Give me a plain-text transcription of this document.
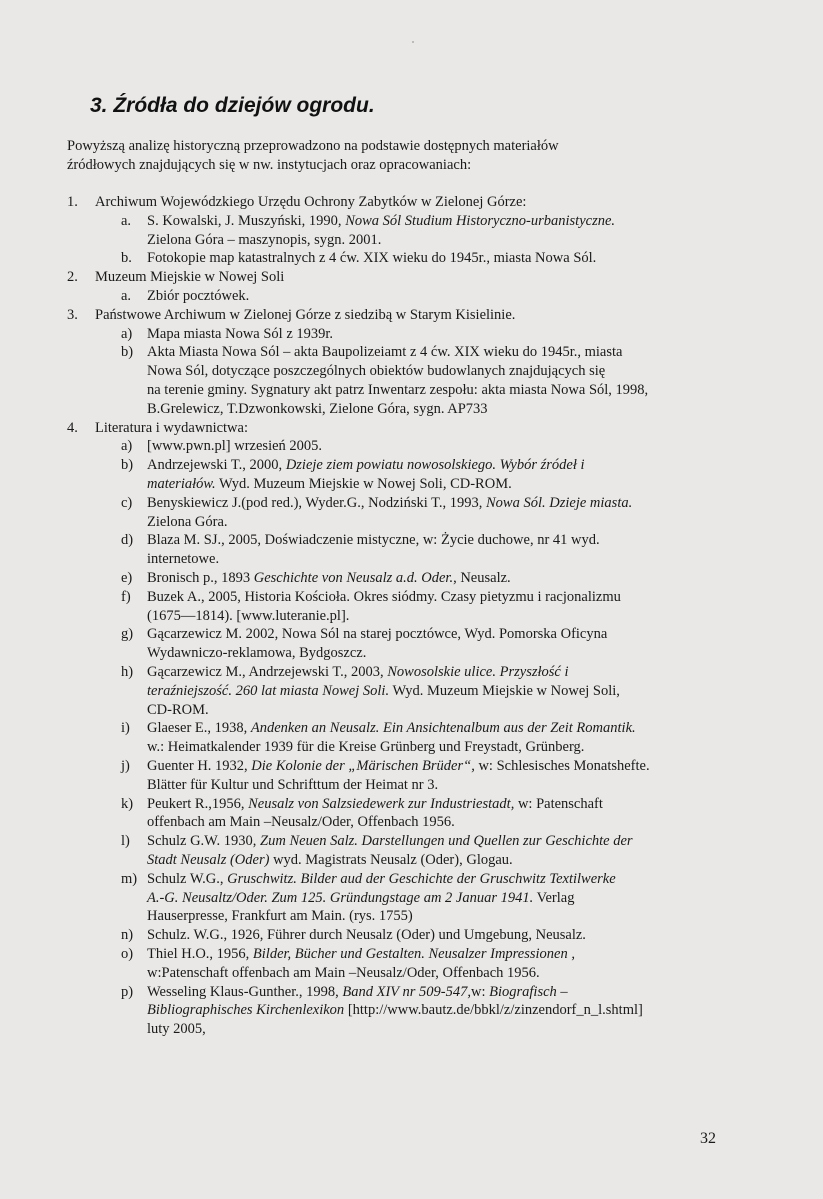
3. Źródła do dziejów ogrodu.

Powyższą analizę historyczną przeprowadzono na podstawie dostępnych materiałów
źródłowych znajdujących się w nw. instytucjach oraz opracowaniach:

1. Archiwum Wojewódzkiego Urzędu Ochrony Zabytków w Zielonej Górze:
a. S. Kowalski, J. Muszyński, 1990, Nowa Sól Studium Historyczno-urbanistyczne.
Zielona Góra – maszynopis, sygn. 2001.
b. Fotokopie map katastralnych z 4 ćw. XIX wieku do 1945r., miasta Nowa Sól.
2. Muzeum Miejskie w Nowej Soli
a. Zbiór pocztówek.
3. Państwowe Archiwum w Zielonej Górze z siedzibą w Starym Kisielinie.
a) Mapa miasta Nowa Sól z 1939r.
b) Akta Miasta Nowa Sól – akta Baupolizeiamt z 4 ćw. XIX wieku do 1945r., miasta
Nowa Sól, dotyczące poszczególnych obiektów budowlanych znajdujących się
na terenie gminy. Sygnatury akt patrz Inwentarz zespołu: akta miasta Nowa Sól, 1998,
B.Grelewicz, T.Dzwonkowski, Zielone Góra, sygn. AP733
4. Literatura i wydawnictwa:
a) [www.pwn.pl] wrzesień 2005.
b) Andrzejewski T., 2000, Dzieje ziem powiatu nowosolskiego. Wybór źródeł i
materiałów. Wyd. Muzeum Miejskie w Nowej Soli, CD-ROM.
c) Benyskiewicz J.(pod red.), Wyder.G., Nodziński T., 1993, Nowa Sól. Dzieje miasta.
Zielona Góra.
d) Blaza M. SJ., 2005, Doświadczenie mistyczne, w: Życie duchowe, nr 41 wyd.
internetowe.
e) Bronisch p., 1893 Geschichte von Neusalz a.d. Oder., Neusalz.
f) Buzek A., 2005, Historia Kościoła. Okres siódmy. Czasy pietyzmu i racjonalizmu
(1675—1814). [www.luteranie.pl].
g) Gącarzewicz M. 2002, Nowa Sól na starej pocztówce, Wyd. Pomorska Oficyna
Wydawniczo-reklamowa, Bydgoszcz.
h) Gącarzewicz M., Andrzejewski T., 2003, Nowosolskie ulice. Przyszłość i
teraźniejszość. 260 lat miasta Nowej Soli. Wyd. Muzeum Miejskie w Nowej Soli,
CD-ROM.
i) Glaeser E., 1938, Andenken an Neusalz. Ein Ansichtenalbum aus der Zeit Romantik.
w.: Heimatkalender 1939 für die Kreise Grünberg und Freystadt, Grünberg.
j) Guenter H. 1932, Die Kolonie der „Märischen Brüder“, w: Schlesisches Monatshefte.
Blätter für Kultur und Schrifttum der Heimat nr 3.
k) Peukert R.,1956, Neusalz von Salzsiedewerk zur Industriestadt, w: Patenschaft
offenbach am Main –Neusalz/Oder, Offenbach 1956.
l) Schulz G.W. 1930, Zum Neuen Salz. Darstellungen und Quellen zur Geschichte der
Stadt Neusalz (Oder) wyd. Magistrats Neusalz (Oder), Glogau.
m) Schulz W.G., Gruschwitz. Bilder aud der Geschichte der Gruschwitz Textilwerke
A.-G. Neusaltz/Oder. Zum 125. Gründungstage am 2 Januar 1941. Verlag
Hauserpresse, Frankfurt am Main. (rys. 1755)
n) Schulz. W.G., 1926, Führer durch Neusalz (Oder) und Umgebung, Neusalz.
o) Thiel H.O., 1956, Bilder, Bücher und Gestalten. Neusalzer Impressionen ,
w:Patenschaft offenbach am Main –Neusalz/Oder, Offenbach 1956.
p) Wesseling Klaus-Gunther., 1998, Band XIV nr 509-547,w: Biografisch –
Bibliographisches Kirchenlexikon [http://www.bautz.de/bbkl/z/zinzendorf_n_l.shtml]
luty 2005,
32
